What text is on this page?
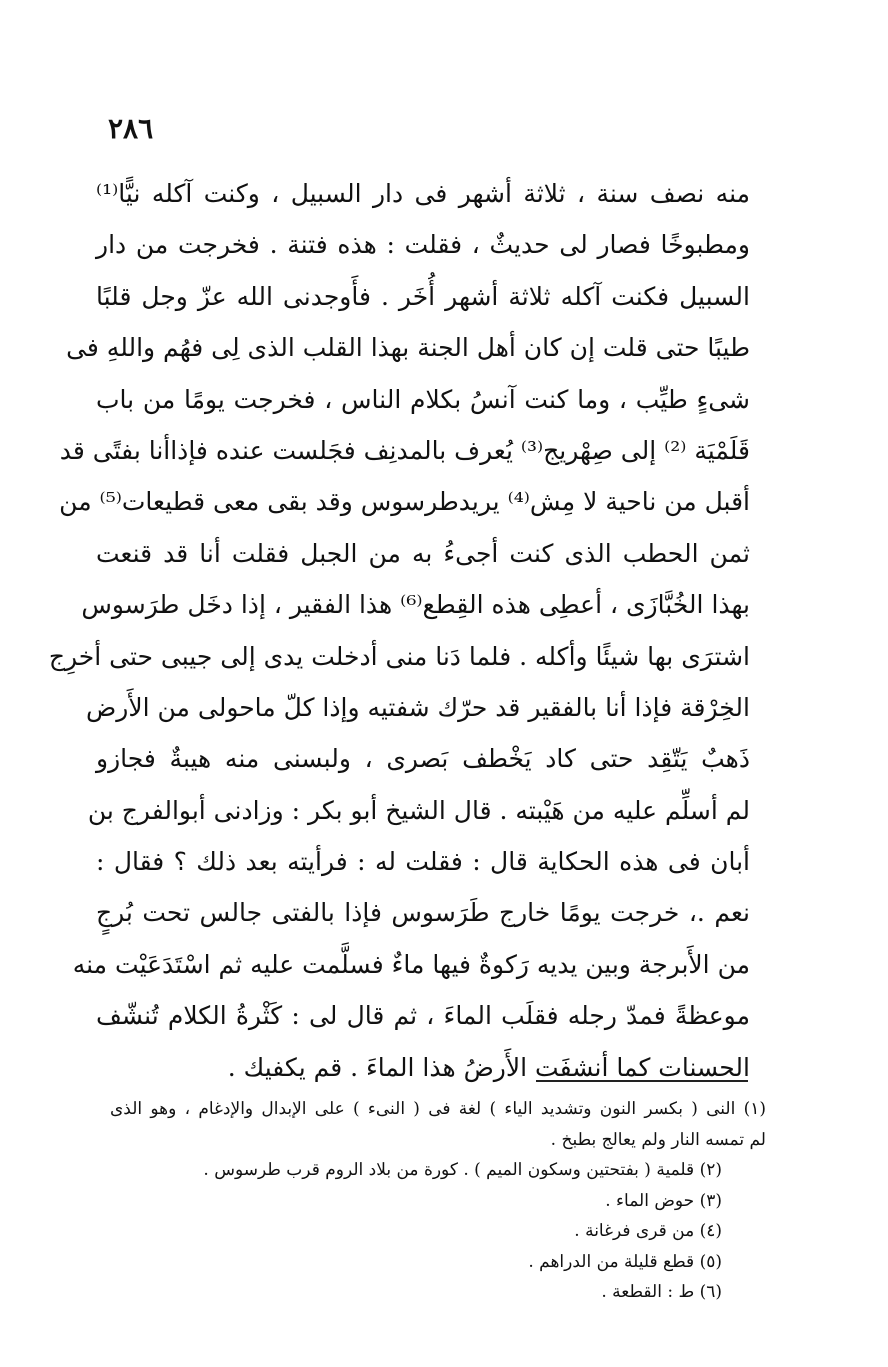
٢٨٦
منه نصف سنة ، ثلاثة أشهر فى دار السبيل ، وكنت آكله نيًّا⁽¹⁾
ومطبوخًا فصار لى حديثٌ ، فقلت : هذه فتنة . فخرجت من دار
السبيل فكنت آكله ثلاثة أشهر أُخَر . فأَوجدنى الله عزّ وجل قلبًا
طيبًا حتى قلت إن كان أهل الجنة بهذا القلب الذى لِى فهُم واللهِ فى
شىءٍ طيِّب ، وما كنت آنسُ بكلام الناس ، فخرجت يومًا من باب
قَلَمْيَة ⁽²⁾ إلى صِهْريج⁽³⁾ يُعرف بالمدنِف فجَلست عنده فإذاأنا بفتًى قد
أقبل من ناحية لا مِش⁽⁴⁾ يريدطرسوس وقد بقى معى قطيعات⁽⁵⁾ من
ثمن الحطب الذى كنت أجىءُ به من الجبل فقلت أنا قد قنعت
بهذا الخُبَّازَى ، أعطِى هذه القِطع⁽⁶⁾ هذا الفقير ، إذا دخَل طرَسوس
اشترَى بها شيئًا وأكله . فلما دَنا منى أدخلت يدى إلى جيبى حتى أخرِج
الخِرْقة فإذا أنا بالفقير قد حرّك شفتيه وإذا كلّ ماحولى من الأَرض
ذَهبٌ يَتّقِد حتى كاد يَخْطف بَصرى ، ولبسنى منه هيبةٌ فجازو
لم أسلِّم عليه من هَيْبته . قال الشيخ أبو بكر : وزادنى أبوالفرج بن
أبان فى هذه الحكاية قال : فقلت له : فرأيته بعد ذلك ؟ فقال :
نعم .، خرجت يومًا خارج طَرَسوس فإذا بالفتى جالس تحت بُرجٍ
من الأَبرجة وبين يديه رَكوةٌ فيها ماءٌ فسلَّمت عليه ثم اسْتَدَعَيْت منه
موعظةً فمدّ رجله فقلَب الماءَ ، ثم قال لى : كَثْرةُ الكلام تُنشّف
الحسنات كما أنشفَت الأَرضُ هذا الماءَ . قم يكفيك .
(١) النى ( بكسر النون وتشديد الياء ) لغة فى ( النىء ) على الإبدال والإدغام ، وهو الذى
لم تمسه النار ولم يعالج بطبخ .
(٢) قلمية ( بفتحتين وسكون الميم ) . كورة من بلاد الروم قرب طرسوس .
(٣) حوض الماء .
(٤) من قرى فرغانة .
(٥) قطع قليلة من الدراهم .
(٦) ط : القطعة .
